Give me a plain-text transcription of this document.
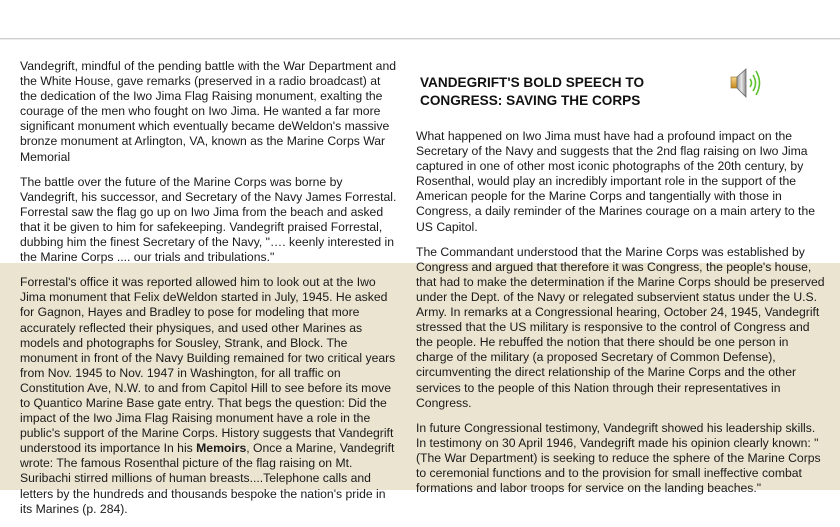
Vandegrift, mindful of the pending battle with the War Department and the White House, gave remarks (preserved in a radio broadcast) at the dedication of the Iwo Jima Flag Raising monument, exalting the courage of the men who fought on Iwo Jima. He wanted a far more significant monument which eventually became deWeldon's massive bronze monument at Arlington, VA, known as the Marine Corps War Memorial

The battle over the future of the Marine Corps was borne by Vandegrift, his successor, and Secretary of the Navy James Forrestal. Forrestal saw the flag go up on Iwo Jima from the beach and asked that it be given to him for safekeeping. Vandegrift praised Forrestal, dubbing him the finest Secretary of the Navy, "…. keenly interested in the Marine Corps .... our trials and tribulations."

Forrestal's office it was reported allowed him to look out at the Iwo Jima monument that Felix deWeldon started in July, 1945. He asked for Gagnon, Hayes and Bradley to pose for modeling that more accurately reflected their physiques, and used other Marines as models and photographs for Sousley, Strank, and Block. The monument in front of the Navy Building remained for two critical years from Nov. 1945 to Nov. 1947 in Washington, for all traffic on Constitution Ave, N.W. to and from Capitol Hill to see before its move to Quantico Marine Base gate entry. That begs the question: Did the impact of the Iwo Jima Flag Raising monument have a role in the public's support of the Marine Corps. History suggests that Vandegrift understood its importance In his Memoirs, Once a Marine, Vandegrift wrote: The famous Rosenthal picture of the flag raising on Mt. Suribachi stirred millions of human breasts....Telephone calls and letters by the hundreds and thousands bespoke the nation's pride in its Marines (p. 284).

VANDEGRIFT'S BOLD SPEECH TO CONGRESS: SAVING THE CORPS

What happened on Iwo Jima must have had a profound impact on the Secretary of the Navy and suggests that the 2nd flag raising on Iwo Jima captured in one of other most iconic photographs of the 20th century, by Rosenthal, would play an incredibly important role in the support of the American people for the Marine Corps and tangentially with those in Congress, a daily reminder of the Marines courage on a main artery to the US Capitol.

The Commandant understood that the Marine Corps was established by Congress and argued that therefore it was Congress, the people's house, that had to make the determination if the Marine Corps should be preserved under the Dept. of the Navy or relegated subservient status under the U.S. Army. In remarks at a Congressional hearing, October 24, 1945, Vandegrift stressed that the US military is responsive to the control of Congress and the people. He rebuffed the notion that there should be one person in charge of the military (a proposed Secretary of Common Defense), circumventing the direct relationship of the Marine Corps and the other services to the people of this Nation through their representatives in Congress.

In future Congressional testimony, Vandegrift showed his leadership skills. In testimony on 30 April 1946, Vandegrift made his opinion clearly known: "(The War Department) is seeking to reduce the sphere of the Marine Corps to ceremonial functions and to the provision for small ineffective combat formations and labor troops for service on the landing beaches."
